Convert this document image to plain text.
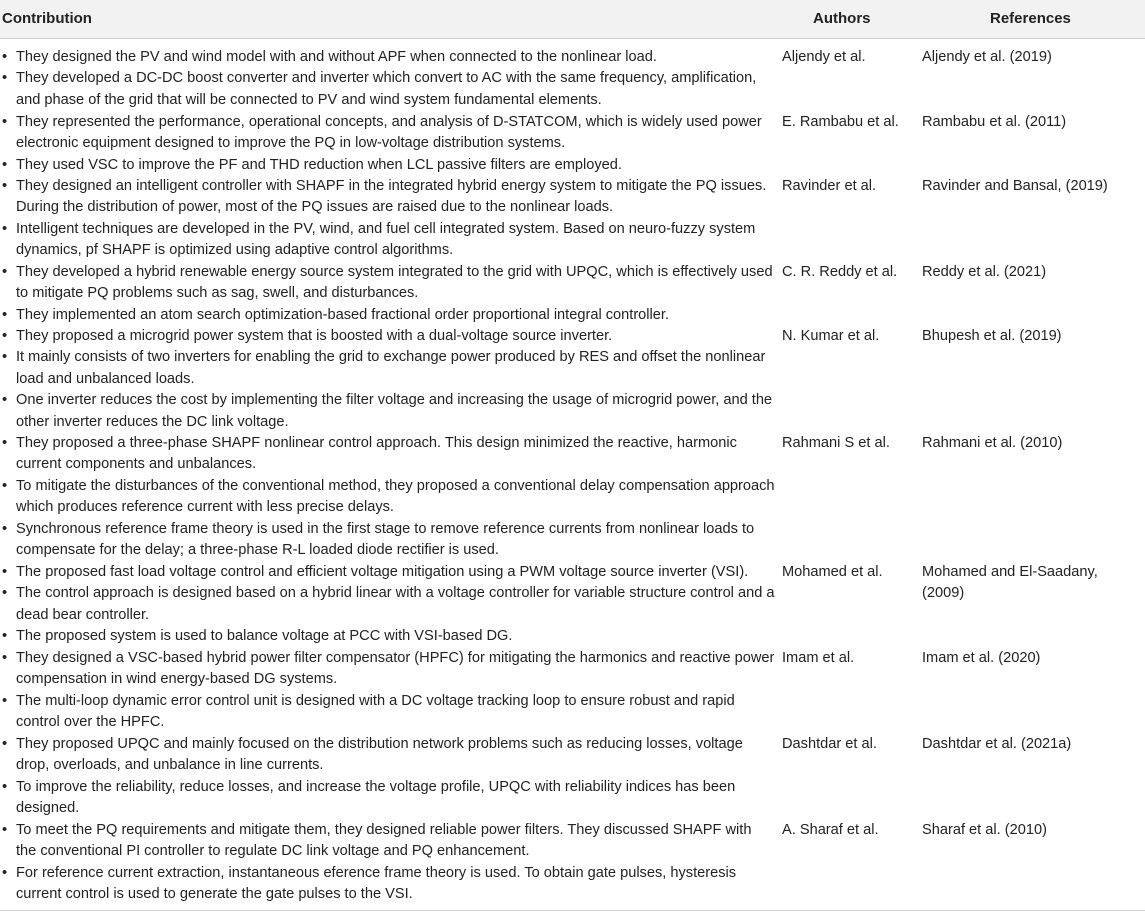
Contribution	Authors	References
• They designed the PV and wind model with and without APF when connected to the nonlinear load.
• They developed a DC-DC boost converter and inverter which convert to AC with the same frequency, amplification, and phase of the grid that will be connected to PV and wind system fundamental elements.
Aljendy et al.	Aljendy et al. (2019)
• They represented the performance, operational concepts, and analysis of D-STATCOM, which is widely used power electronic equipment designed to improve the PQ in low-voltage distribution systems.
• They used VSC to improve the PF and THD reduction when LCL passive filters are employed.
E. Rambabu et al.	Rambabu et al. (2011)
• They designed an intelligent controller with SHAPF in the integrated hybrid energy system to mitigate the PQ issues. During the distribution of power, most of the PQ issues are raised due to the nonlinear loads.
• Intelligent techniques are developed in the PV, wind, and fuel cell integrated system. Based on neuro-fuzzy system dynamics, pf SHAPF is optimized using adaptive control algorithms.
Ravinder et al.	Ravinder and Bansal, (2019)
• They developed a hybrid renewable energy source system integrated to the grid with UPQC, which is effectively used to mitigate PQ problems such as sag, swell, and disturbances.
• They implemented an atom search optimization-based fractional order proportional integral controller.
C. R. Reddy et al.	Reddy et al. (2021)
• They proposed a microgrid power system that is boosted with a dual-voltage source inverter.
• It mainly consists of two inverters for enabling the grid to exchange power produced by RES and offset the nonlinear load and unbalanced loads.
• One inverter reduces the cost by implementing the filter voltage and increasing the usage of microgrid power, and the other inverter reduces the DC link voltage.
N. Kumar et al.	Bhupesh et al. (2019)
• They proposed a three-phase SHAPF nonlinear control approach. This design minimized the reactive, harmonic current components and unbalances.
• To mitigate the disturbances of the conventional method, they proposed a conventional delay compensation approach which produces reference current with less precise delays.
• Synchronous reference frame theory is used in the first stage to remove reference currents from nonlinear loads to compensate for the delay; a three-phase R-L loaded diode rectifier is used.
Rahmani S et al.	Rahmani et al. (2010)
• The proposed fast load voltage control and efficient voltage mitigation using a PWM voltage source inverter (VSI).
• The control approach is designed based on a hybrid linear with a voltage controller for variable structure control and a dead bear controller.
• The proposed system is used to balance voltage at PCC with VSI-based DG.
Mohamed et al.	Mohamed and El-Saadany, (2009)
• They designed a VSC-based hybrid power filter compensator (HPFC) for mitigating the harmonics and reactive power compensation in wind energy-based DG systems.
• The multi-loop dynamic error control unit is designed with a DC voltage tracking loop to ensure robust and rapid control over the HPFC.
Imam et al.	Imam et al. (2020)
• They proposed UPQC and mainly focused on the distribution network problems such as reducing losses, voltage drop, overloads, and unbalance in line currents.
• To improve the reliability, reduce losses, and increase the voltage profile, UPQC with reliability indices has been designed.
Dashtdar et al.	Dashtdar et al. (2021a)
• To meet the PQ requirements and mitigate them, they designed reliable power filters. They discussed SHAPF with the conventional PI controller to regulate DC link voltage and PQ enhancement.
• For reference current extraction, instantaneous eference frame theory is used. To obtain gate pulses, hysteresis current control is used to generate the gate pulses to the VSI.
A. Sharaf et al.	Sharaf et al. (2010)
